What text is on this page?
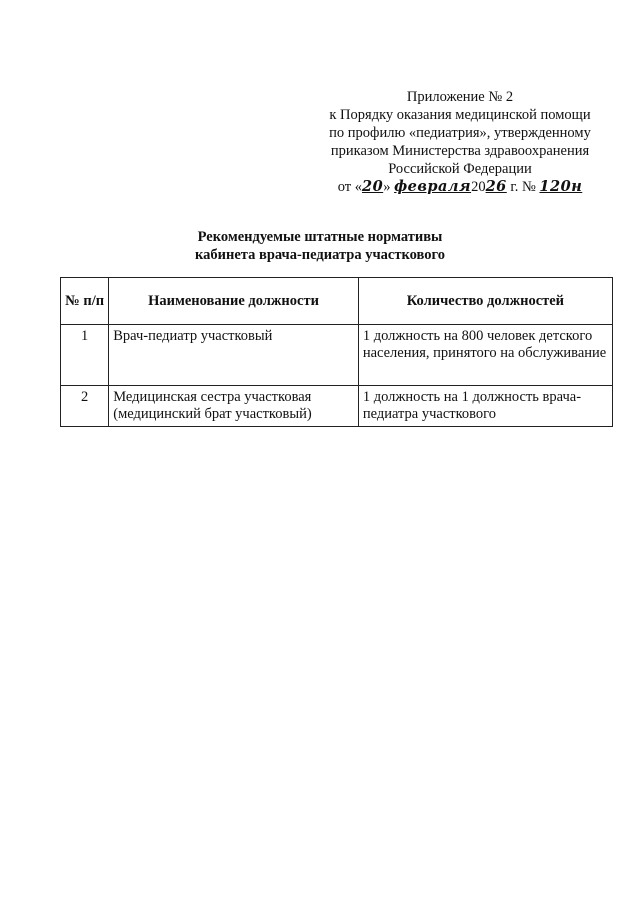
Приложение № 2
к Порядку оказания медицинской помощи
по профилю «педиатрия», утвержденному
приказом Министерства здравоохранения
Российской Федерации
от «20» февраля2026 г. № 120н
Рекомендуемые штатные нормативы
кабинета врача-педиатра участкового
№ п/п	Наименование должности	Количество должностей
1	Врач-педиатр участковый	1 должность на 800 человек детского населения, принятого на обслуживание
2	Медицинская сестра участковая (медицинский брат участковый)	1 должность на 1 должность врача-педиатра участкового
